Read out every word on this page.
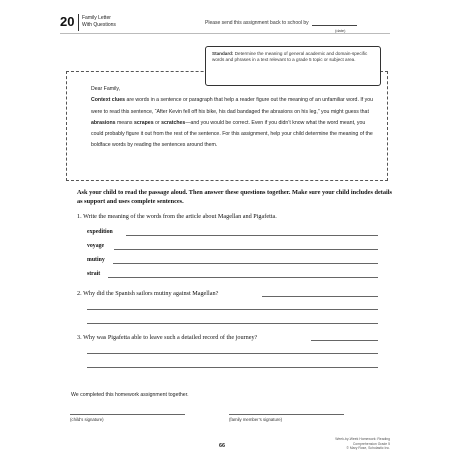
20 Family Letter
With Questions	Please send this assignment back to school by
(date)
Standard: Determine the meaning of general academic and domain-specific words and phrases in a text relevant to a grade 5 topic or subject area.

Dear Family,

Context clues are words in a sentence or paragraph that help a reader figure out the meaning of an unfamiliar word. If you were to read this sentence, “After Kevin fell off his bike, his dad bandaged the abrasions on his leg,” you might guess that abrasions means scrapes or scratches—and you would be correct. Even if you didn’t know what the word meant, you could probably figure it out from the rest of the sentence. For this assignment, help your child determine the meaning of the boldface words by reading the sentences around them.

Ask your child to read the passage aloud. Then answer these questions together. Make sure your child includes details as support and uses complete sentences.
1. Write the meaning of the words from the article about Magellan and Pigafetta.
expedition
voyage
mutiny
strait
2. Why did the Spanish sailors mutiny against Magellan?
3. Why was Pigafetta able to leave such a detailed record of the journey?
We completed this homework assignment together.
(child’s signature)	(family member’s signature)
66
Week-by-Week Homework: Reading Comprehension Grade 5
© Mary Rose, Scholastic Inc.
